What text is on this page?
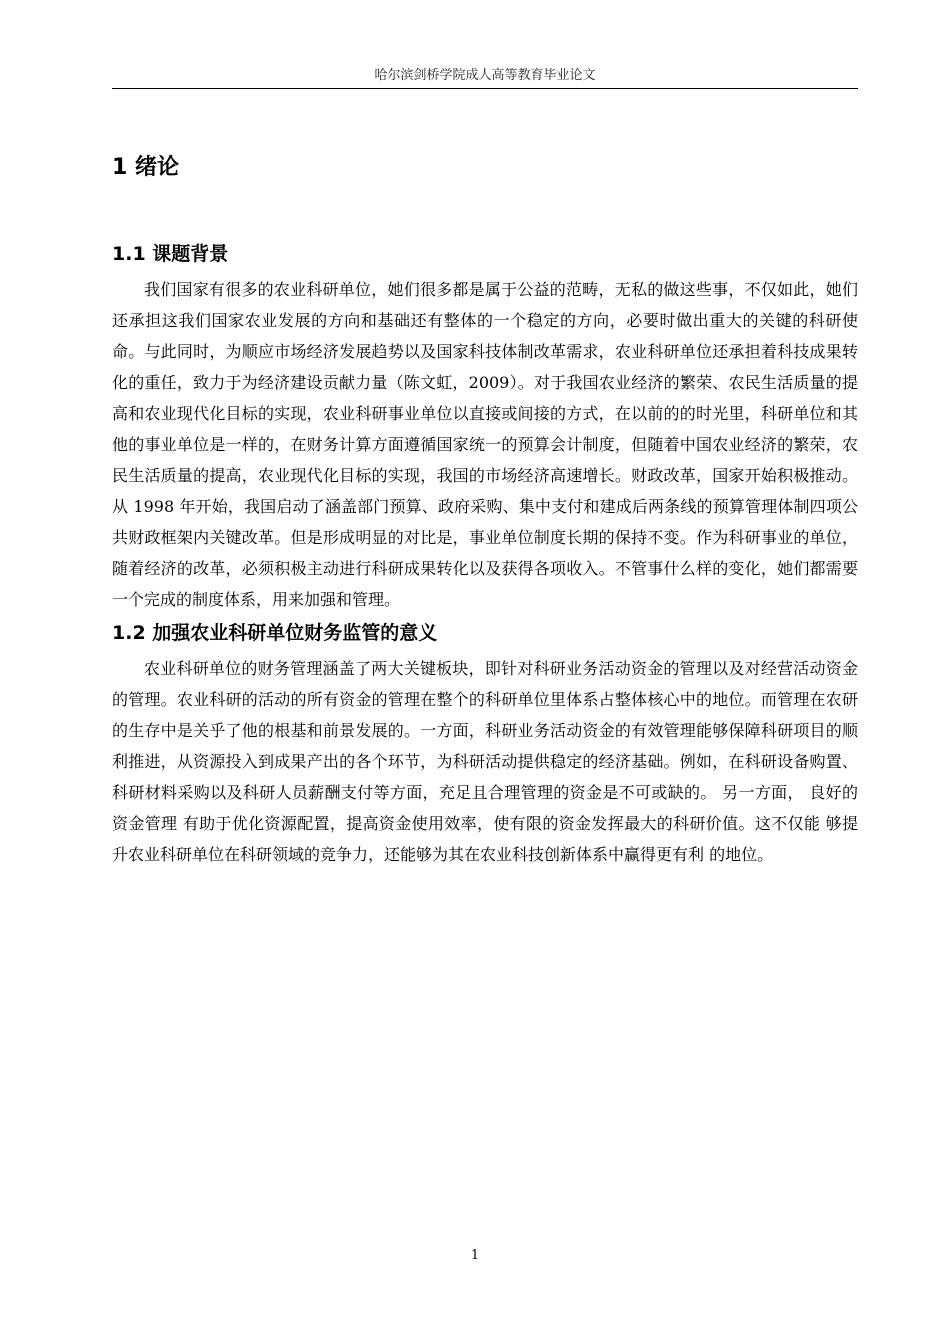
哈尔滨剑桥学院成人高等教育毕业论文
1 绪论
1.1 课题背景

我们国家有很多的农业科研单位，她们很多都是属于公益的范畴，无私的做这些事，不仅如此，她们还承担这我们国家农业发展的方向和基础还有整体的一个稳定的方向，必要时做出重大的关键的科研使命。与此同时，为顺应市场经济发展趋势以及国家科技体制改革需求，农业科研单位还承担着科技成果转化的重任，致力于为经济建设贡献力量（陈文虹，2009）。对于我国农业经济的繁荣、农民生活质量的提高和农业现代化目标的实现，农业科研事业单位以直接或间接的方式，在以前的的时光里，科研单位和其他的事业单位是一样的，在财务计算方面遵循国家统一的预算会计制度，但随着中国农业经济的繁荣，农民生活质量的提高，农业现代化目标的实现，我国的市场经济高速增长。财政改革，国家开始积极推动。从 1998 年开始，我国启动了涵盖部门预算、政府采购、集中支付和建成后两条线的预算管理体制四项公共财政框架内关键改革。但是形成明显的对比是，事业单位制度长期的保持不变。作为科研事业的单位，随着经济的改革，必须积极主动进行科研成果转化以及获得各项收入。不管事什么样的变化，她们都需要一个完成的制度体系，用来加强和管理。

1.2 加强农业科研单位财务监管的意义

农业科研单位的财务管理涵盖了两大关键板块，即针对科研业务活动资金的管理以及对经营活动资金的管理。农业科研的活动的所有资金的管理在整个的科研单位里体系占整体核心中的地位。而管理在农研的生存中是关乎了他的根基和前景发展的。一方面，科研业务活动资金的有效管理能够保障科研项目的顺利推进，从资源投入到成果产出的各个环节，为科研活动提供稳定的经济基础。例如，在科研设备购置、科研材料采购以及科研人员薪酬支付等方面，充足且合理管理的资金是不可或缺的。 另一方面， 良好的资金管理 有助于优化资源配置，提高资金使用效率，使有限的资金发挥最大的科研价值。这不仅能 够提升农业科研单位在科研领域的竞争力，还能够为其在农业科技创新体系中赢得更有利 的地位。

1
